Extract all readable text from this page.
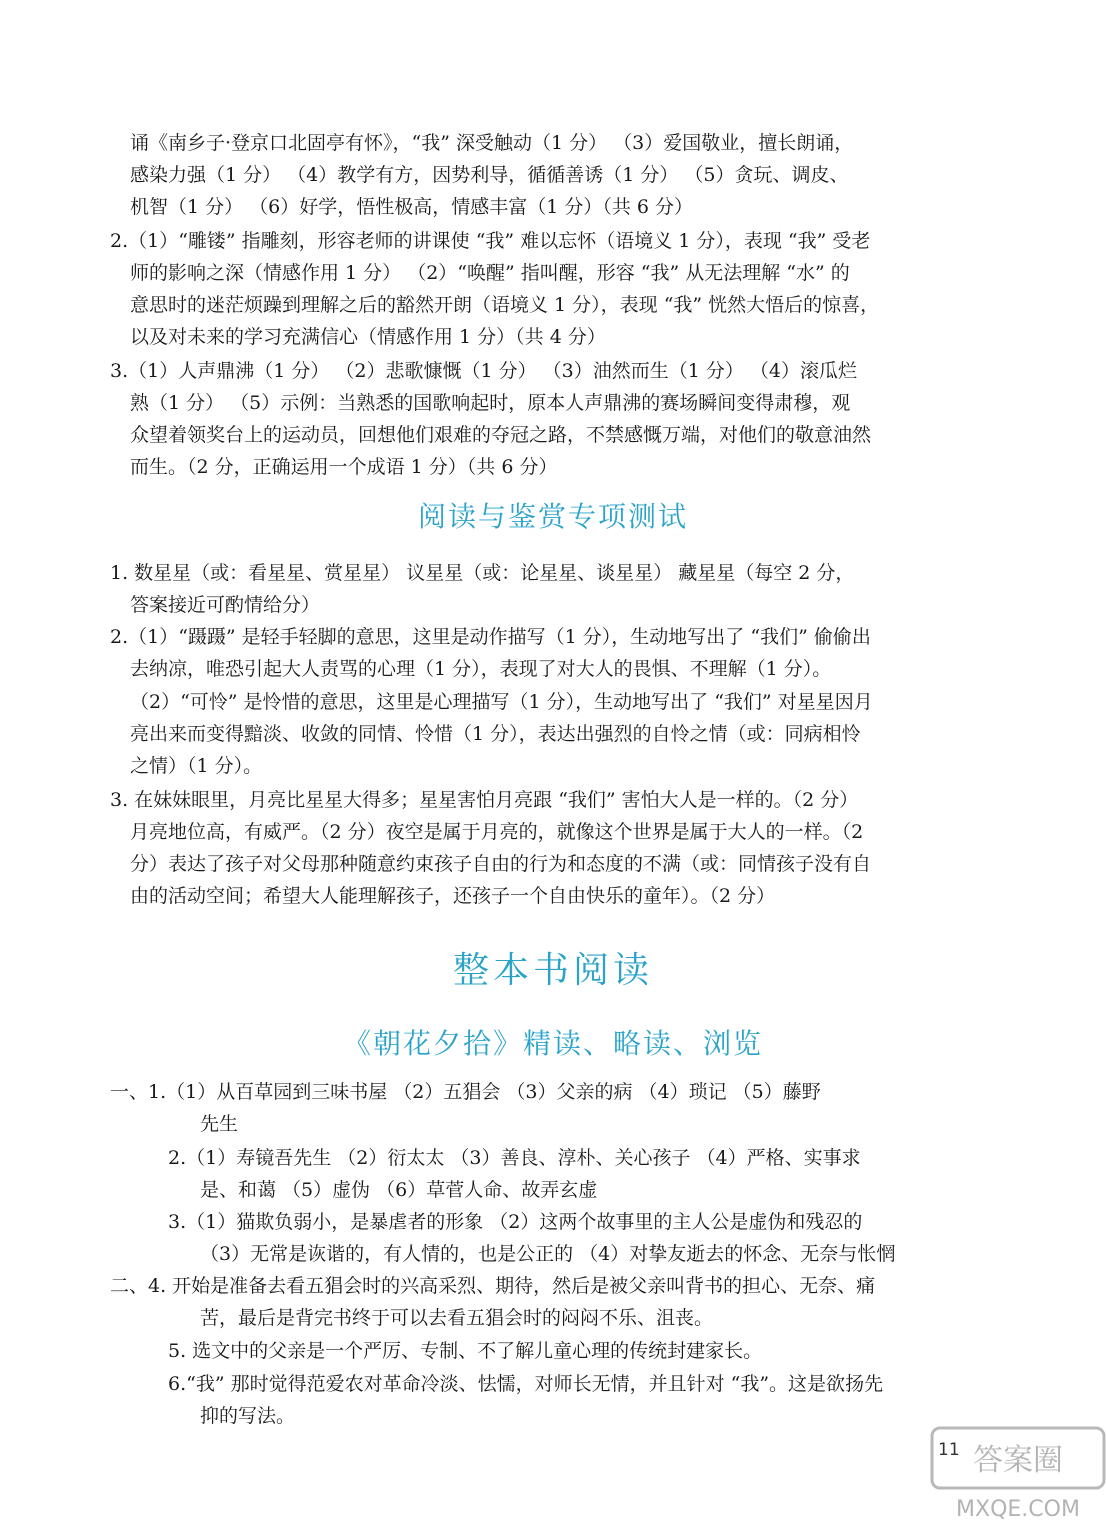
诵《南乡子·登京口北固亭有怀》，“我” 深受触动（1 分） （3）爱国敬业，擅长朗诵，
感染力强（1 分） （4）教学有方，因势利导，循循善诱（1 分） （5）贪玩、调皮、
机智（1 分） （6）好学，悟性极高，情感丰富（1 分）（共 6 分）
2.（1）“雕镂” 指雕刻，形容老师的讲课使 “我” 难以忘怀（语境义 1 分），表现 “我” 受老
师的影响之深（情感作用 1 分） （2）“唤醒” 指叫醒，形容 “我” 从无法理解 “水” 的
意思时的迷茫烦躁到理解之后的豁然开朗（语境义 1 分），表现 “我” 恍然大悟后的惊喜，
以及对未来的学习充满信心（情感作用 1 分）（共 4 分）
3.（1）人声鼎沸（1 分） （2）悲歌慷慨（1 分） （3）油然而生（1 分） （4）滚瓜烂
熟（1 分） （5）示例：当熟悉的国歌响起时，原本人声鼎沸的赛场瞬间变得肃穆，观
众望着领奖台上的运动员，回想他们艰难的夺冠之路，不禁感慨万端，对他们的敬意油然
而生。（2 分，正确运用一个成语 1 分）（共 6 分）
阅读与鉴赏专项测试
1. 数星星（或：看星星、赏星星） 议星星（或：论星星、谈星星） 藏星星（每空 2 分，
答案接近可酌情给分）
2.（1）“蹑蹑” 是轻手轻脚的意思，这里是动作描写（1 分），生动地写出了 “我们” 偷偷出
去纳凉，唯恐引起大人责骂的心理（1 分），表现了对大人的畏惧、不理解（1 分）。
（2）“可怜” 是怜惜的意思，这里是心理描写（1 分），生动地写出了 “我们” 对星星因月
亮出来而变得黯淡、收敛的同情、怜惜（1 分），表达出强烈的自怜之情（或：同病相怜
之情）（1 分）。
3. 在妹妹眼里，月亮比星星大得多；星星害怕月亮跟 “我们” 害怕大人是一样的。（2 分）
月亮地位高，有威严。（2 分）夜空是属于月亮的，就像这个世界是属于大人的一样。（2
分）表达了孩子对父母那种随意约束孩子自由的行为和态度的不满（或：同情孩子没有自
由的活动空间；希望大人能理解孩子，还孩子一个自由快乐的童年）。（2 分）
整本书阅读
《朝花夕拾》精读、略读、浏览
一、1.（1）从百草园到三味书屋 （2）五猖会 （3）父亲的病 （4）琐记 （5）藤野
先生
2.（1）寿镜吾先生 （2）衍太太 （3）善良、淳朴、关心孩子 （4）严格、实事求
是、和蔼 （5）虚伪 （6）草菅人命、故弄玄虚
3.（1）猫欺负弱小，是暴虐者的形象 （2）这两个故事里的主人公是虚伪和残忍的
（3）无常是诙谐的，有人情的，也是公正的 （4）对挚友逝去的怀念、无奈与怅惘
二、4. 开始是准备去看五猖会时的兴高采烈、期待，然后是被父亲叫背书的担心、无奈、痛
苦，最后是背完书终于可以去看五猖会时的闷闷不乐、沮丧。
5. 选文中的父亲是一个严厉、专制、不了解儿童心理的传统封建家长。
6.“我” 那时觉得范爱农对革命冷淡、怯懦，对师长无情，并且针对 “我”。这是欲扬先
抑的写法。
11 答案圈
MXQE.COM
